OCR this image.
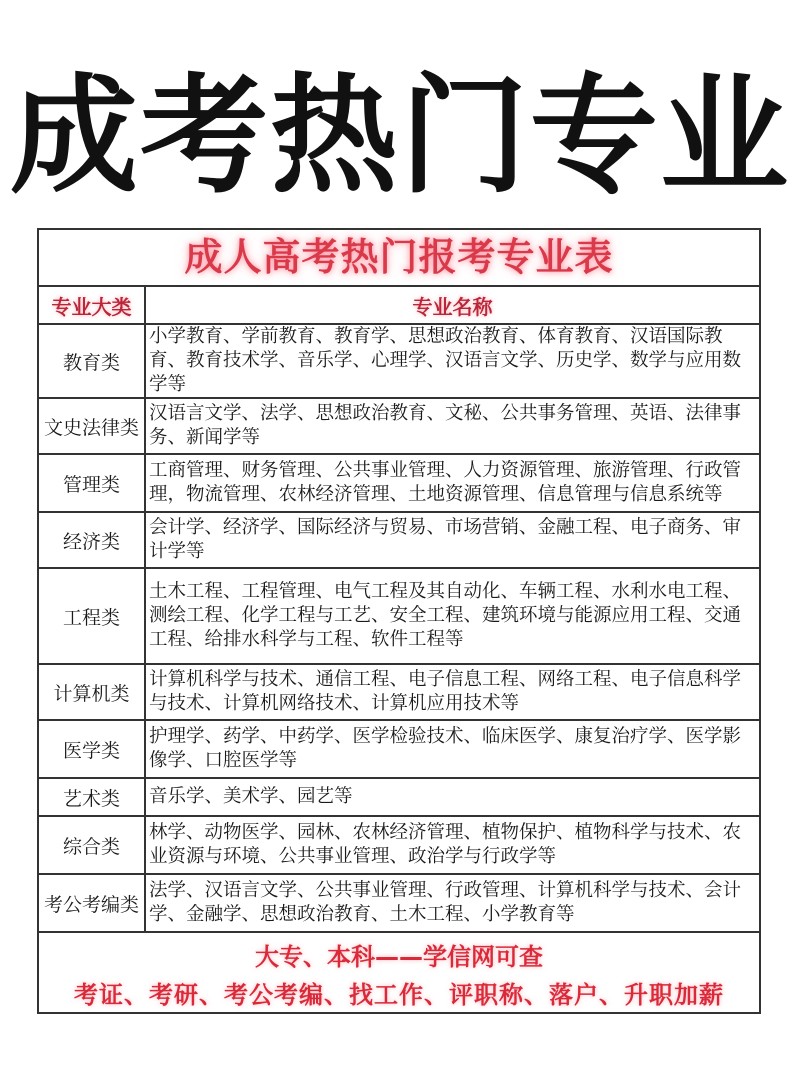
成考热门专业
成人高考热门报考专业表
专业大类	专业名称
教育类	小学教育、学前教育、教育学、思想政治教育、体育教育、汉语国际教育、教育技术学、音乐学、心理学、汉语言文学、历史学、数学与应用数学等
文史法律类	汉语言文学、法学、思想政治教育、文秘、公共事务管理、英语、法律事务、新闻学等
管理类	工商管理、财务管理、公共事业管理、人力资源管理、旅游管理、行政管理，物流管理、农林经济管理、土地资源管理、信息管理与信息系统等
经济类	会计学、经济学、国际经济与贸易、市场营销、金融工程、电子商务、审计学等
工程类	土木工程、工程管理、电气工程及其自动化、车辆工程、水利水电工程、测绘工程、化学工程与工艺、安全工程、建筑环境与能源应用工程、交通工程、给排水科学与工程、软件工程等
计算机类	计算机科学与技术、通信工程、电子信息工程、网络工程、电子信息科学与技术、计算机网络技术、计算机应用技术等
医学类	护理学、药学、中药学、医学检验技术、临床医学、康复治疗学、医学影像学、口腔医学等
艺术类	音乐学、美术学、园艺等
综合类	林学、动物医学、园林、农林经济管理、植物保护、植物科学与技术、农业资源与环境、公共事业管理、政治学与行政学等
考公考编类	法学、汉语言文学、公共事业管理、行政管理、计算机科学与技术、会计学、金融学、思想政治教育、土木工程、小学教育等
大专、本科——学信网可查
考证、考研、考公考编、找工作、评职称、落户、升职加薪
